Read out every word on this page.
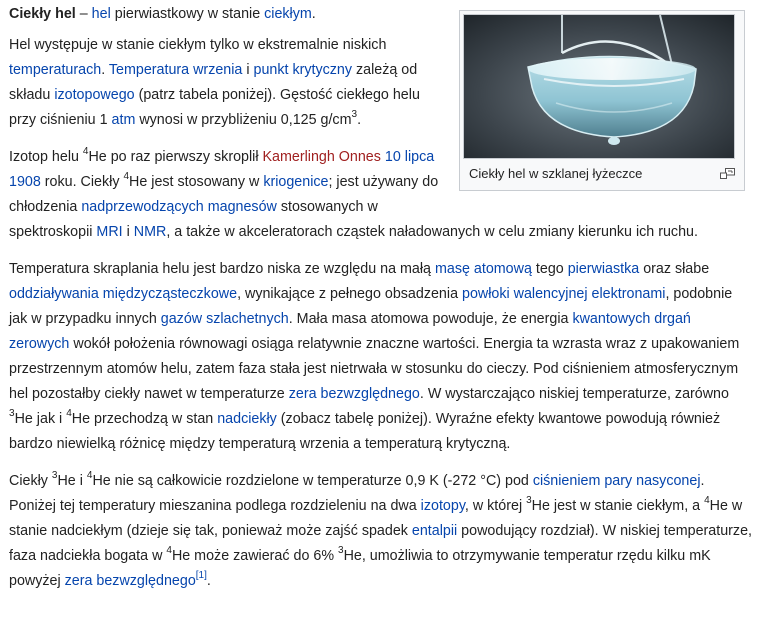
Ciekły hel w szklanej łyżeczce

Ciekły hel – hel pierwiastkowy w stanie ciekłym.

Hel występuje w stanie ciekłym tylko w ekstremalnie niskich temperaturach. Temperatura wrzenia i punkt krytyczny zależą od składu izotopowego (patrz tabela poniżej). Gęstość ciekłego helu przy ciśnieniu 1 atm wynosi w przybliżeniu 0,125 $g/cm^3$.

Izotop helu $^4$He po raz pierwszy skroplił Kamerlingh Onnes 10 lipca 1908 roku. Ciekły $^4$He jest stosowany w kriogenice; jest używany do chłodzenia nadprzewodzących magnesów stosowanych w spektroskopii MRI i NMR, a także w akceleratorach cząstek naładowanych w celu zmiany kierunku ich ruchu.

Temperatura skraplania helu jest bardzo niska ze względu na małą masę atomową tego pierwiastka oraz słabe oddziaływania międzycząsteczkowe, wynikające z pełnego obsadzenia powłoki walencyjnej elektronami, podobnie jak w przypadku innych gazów szlachetnych. Mała masa atomowa powoduje, że energia kwantowych drgań zerowych wokół położenia równowagi osiąga relatywnie znaczne wartości. Energia ta wzrasta wraz z upakowaniem przestrzennym atomów helu, zatem faza stała jest nietrwała w stosunku do cieczy. Pod ciśnieniem atmosferycznym hel pozostałby ciekły nawet w temperaturze zera bezwzględnego. W wystarczająco niskiej temperaturze, zarówno $^3$He jak i $^4$He przechodzą w stan nadciekły (zobacz tabelę poniżej). Wyraźne efekty kwantowe powodują również bardzo niewielką różnicę między temperaturą wrzenia a temperaturą krytyczną.

Ciekły $^3$He i $^4$He nie są całkowicie rozdzielone w temperaturze 0,9 K (-272 °C) pod ciśnieniem pary nasyconej. Poniżej tej temperatury mieszanina podlega rozdzieleniu na dwa izotopy, w której $^3$He jest w stanie ciekłym, a $^4$He w stanie nadciekłym (dzieje się tak, ponieważ może zajść spadek entalpii powodujący rozdział). W niskiej temperaturze, faza nadciekła bogata w $^4$He może zawierać do 6% $^3$He, umożliwia to otrzymywanie temperatur rzędu kilku mK powyżej zera bezwzględnego[1].
